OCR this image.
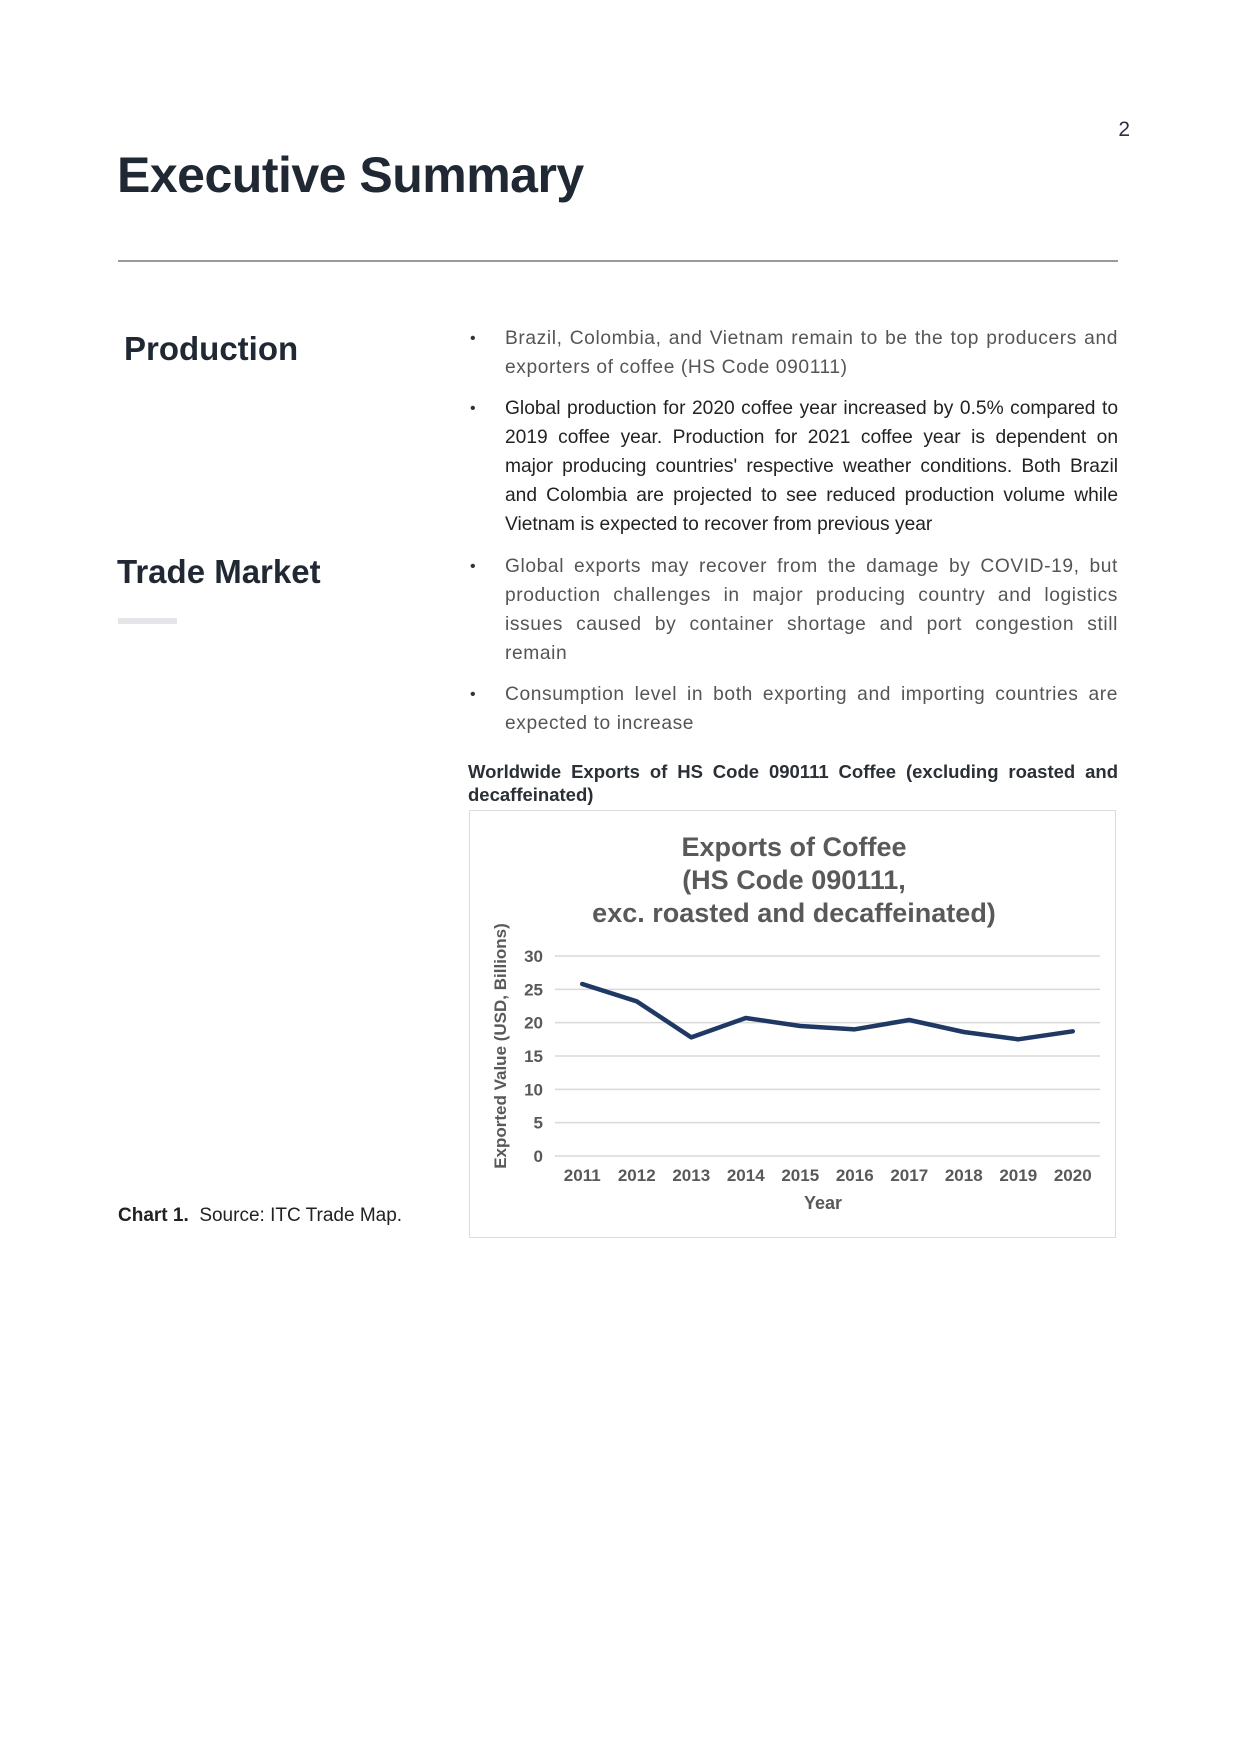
2
Executive Summary
Production
Trade Market
• Brazil, Colombia, and Vietnam remain to be the top producers and exporters of coffee (HS Code 090111)
• Global production for 2020 coffee year increased by 0.5% compared to 2019 coffee year. Production for 2021 coffee year is dependent on major producing countries' respective weather conditions. Both Brazil and Colombia are projected to see reduced production volume while Vietnam is expected to recover from previous year
• Global exports may recover from the damage by COVID-19, but production challenges in major producing country and logistics issues caused by container shortage and port congestion still remain
• Consumption level in both exporting and importing countries are expected to increase

Worldwide Exports of HS Code 090111 Coffee (excluding roasted and decaffeinated)

Exports of Coffee
(HS Code 090111,
exc. roasted and decaffeinated)
0
5
10
15
20
25
30
2011 2012 2013 2014 2015 2016 2017 2018 2019 2020
Exported Value (USD, Billions)
Year
Chart 1. Source: ITC Trade Map.
